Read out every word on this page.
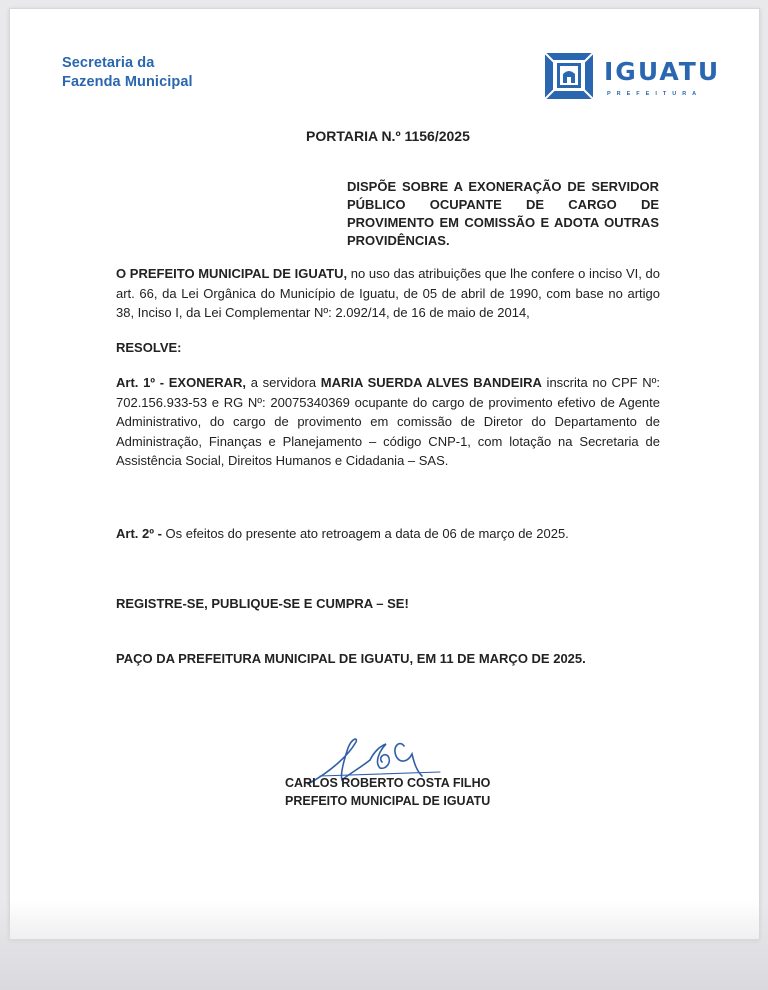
Secretaria da
Fazenda Municipal	IGUATU
PREFEITURA
PORTARIA N.º 1156/2025
DISPÕE SOBRE A EXONERAÇÃO DE SERVIDOR PÚBLICO OCUPANTE DE CARGO DE PROVIMENTO EM COMISSÃO E ADOTA OUTRAS PROVIDÊNCIAS.
O PREFEITO MUNICIPAL DE IGUATU, no uso das atribuições que lhe confere o inciso VI, do art. 66, da Lei Orgânica do Município de Iguatu, de 05 de abril de 1990, com base no artigo 38, Inciso I, da Lei Complementar Nº: 2.092/14, de 16 de maio de 2014,
RESOLVE:
Art. 1º - EXONERAR, a servidora MARIA SUERDA ALVES BANDEIRA inscrita no CPF Nº: 702.156.933-53 e RG Nº: 20075340369 ocupante do cargo de provimento efetivo de Agente Administrativo, do cargo de provimento em comissão de Diretor do Departamento de Administração, Finanças e Planejamento – código CNP-1, com lotação na Secretaria de Assistência Social, Direitos Humanos e Cidadania – SAS.
Art. 2º - Os efeitos do presente ato retroagem a data de 06 de março de 2025.
REGISTRE-SE, PUBLIQUE-SE E CUMPRA – SE!
PAÇO DA PREFEITURA MUNICIPAL DE IGUATU, EM 11 DE MARÇO DE 2025.
CARLOS ROBERTO COSTA FILHO
PREFEITO MUNICIPAL DE IGUATU
